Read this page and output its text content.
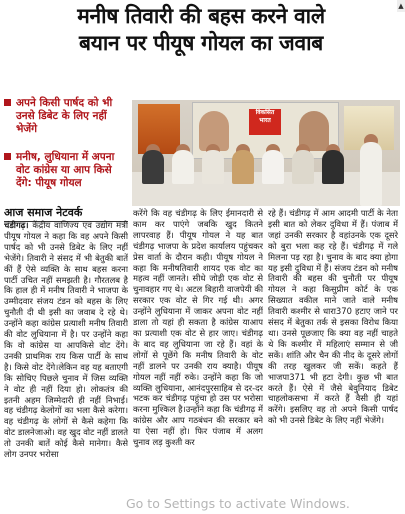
▲
मनीष तिवारी की बहस करने वाले
बयान पर पीयूष गोयल का जवाब
अपने किसी पार्षद को भी उनसे डिबेट के लिए नहीं भेजेंगे
मनीष, लुधियाना में अपना वोट कांग्रेस या आप किसे देंगे: पीयूष गोयल
विकसित
भारत
आज समाज नेटवर्क
चंडीगढ़। केंद्रीय वाणिज्य एवं उद्योग मंत्री पीयूष गोयल ने कहा कि वह अपने किसी पार्षद को भी उनसे डिबेट के लिए नहीं भेजेंगे। तिवारी ने संसद में भी बेतुकी बातें कीं हैं ऐसे व्यक्ति के साथ बहस करना पार्टी उचित नहीं समझती है। गौरतलब है कि हाल ही में मनीष तिवारी ने भाजपा के उम्मीदवार संजय टंडन को बहस के लिए चुनौती दी थी इसी का जवाब दे रहे थे। उन्होंने कहा कांग्रेस प्रत्याशी मनीष तिवारी की वोट लुधियाना में है। पर उन्होंने कहा कि वो कांग्रेस या आपकिसे वोट देंगे। उनकी प्राथमिक राय किस पार्टी के साथ है। किसे वोट देंगे।लेकिन वह यह बताएगी कि सोचिए पिछले चुनाव में जिस व्यक्ति ने वोट ही नहीं दिया हो। लोकतंत्र की इतनी अहम जिम्मेदारी ही नहीं निभाई। वह चंडीगढ़ केलोगों का भला कैसे करेगा। वह चंडीगढ़ के लोगों से कैसे कहेगा कि वोट डालनेजाओ। वह खुद वोट नहीं डालते तो उनकी बातें कोई कैसे मानेगा। कैसे लोग उनपर भरोसा
करेंगे कि वह चंडीगढ़ के लिए ईमानदारी से काम कर पाएंगे जबकि खुद कितने लापरवाह हैं। पीयूष गोयल ने यह बात चंडीगढ़ भाजपा के प्रदेश कार्यालय पहुंचकर प्रेस वार्ता के दौरान कही। पीयूष गोयल ने कहा कि मनीषतिवारी शायद एक वोट का महत्व नहीं जानते। सीधे जोड़ी एक वोट से चुनावहार गए थे। अटल बिहारी वाजपेयी की सरकार एक वोट से गिर गई थी। अगर उन्होंने लुधियाना में जाकर अपना वोट नहीं डाला तो यहां ही सकता है कांग्रेस याआप का प्रत्याशी एक वोट से हार जाए। चंडीगढ़ के बाद वह लुधियाना जा रहे हैं। वहां के लोगों से पूछेंगे कि मनीष तिवारी के वोट नहीं डालने पर उनकी राय क्याहै। पीयूष गोयल नहीं नहीं रुके। उन्होंने कहा कि जो व्यक्ति लुधियाना, आनंदपुरसाहिब से दर-दर भटक कर चंडीगढ़ पहुंचा हो उस पर भरोसा करना मुश्किल है।उन्होंने कहा कि चंडीगढ़ में कांग्रेस और आप गठबंधन की सरकार बने या ऐसा नहीं हो। फिर पंजाब में अलग चुनाव लड़ कुश्ती कर
रहे हैं। चंडीगढ़ में आम आदमी पार्टी के नेता इसी बात को लेकर दुविधा में हैं। पंजाब में जहां उनकी सरकार है वहांउनके एक दूसरे को बुरा भला कह रहे हैं। चंडीगढ़ में गले मिलना पड़ रहा है। चुनाव के बाद क्या होगा यह इसी दुविधा में हैं। संजय टंडन को मनीष तिवारी की बहस की चुनौती पर पीयूष गोयल ने कहा किसुप्रीम कोर्ट के एक सिख्यात वकील माने जाते वाले मनीष तिवारी कश्मीर से धारा370 हटाए जाने पर संसद में बेतुका तर्क से इसका विरोध किया था। उनसे पूछजाए कि क्या वह नहीं चाहते थे कि कश्मीर में महिलाएं सम्मान से जी सकें। शांति और चैन की नीद के दूसरे लोगों की तरह खुलकर जी सकें। कहते हैं भाजपा371 भी हटा देगी। कुछ भी बात करते हैं। ऐसे में जैसे बेवुनियाद डिबेट चाहलोकसभा में करते हैं वैसी ही यहां करेंगे। इसलिए वह तो अपने किसी पार्षद को भी उनसे डिबेट के लिए नहीं भेजेंगे।
Go to Settings to activate Windows.
